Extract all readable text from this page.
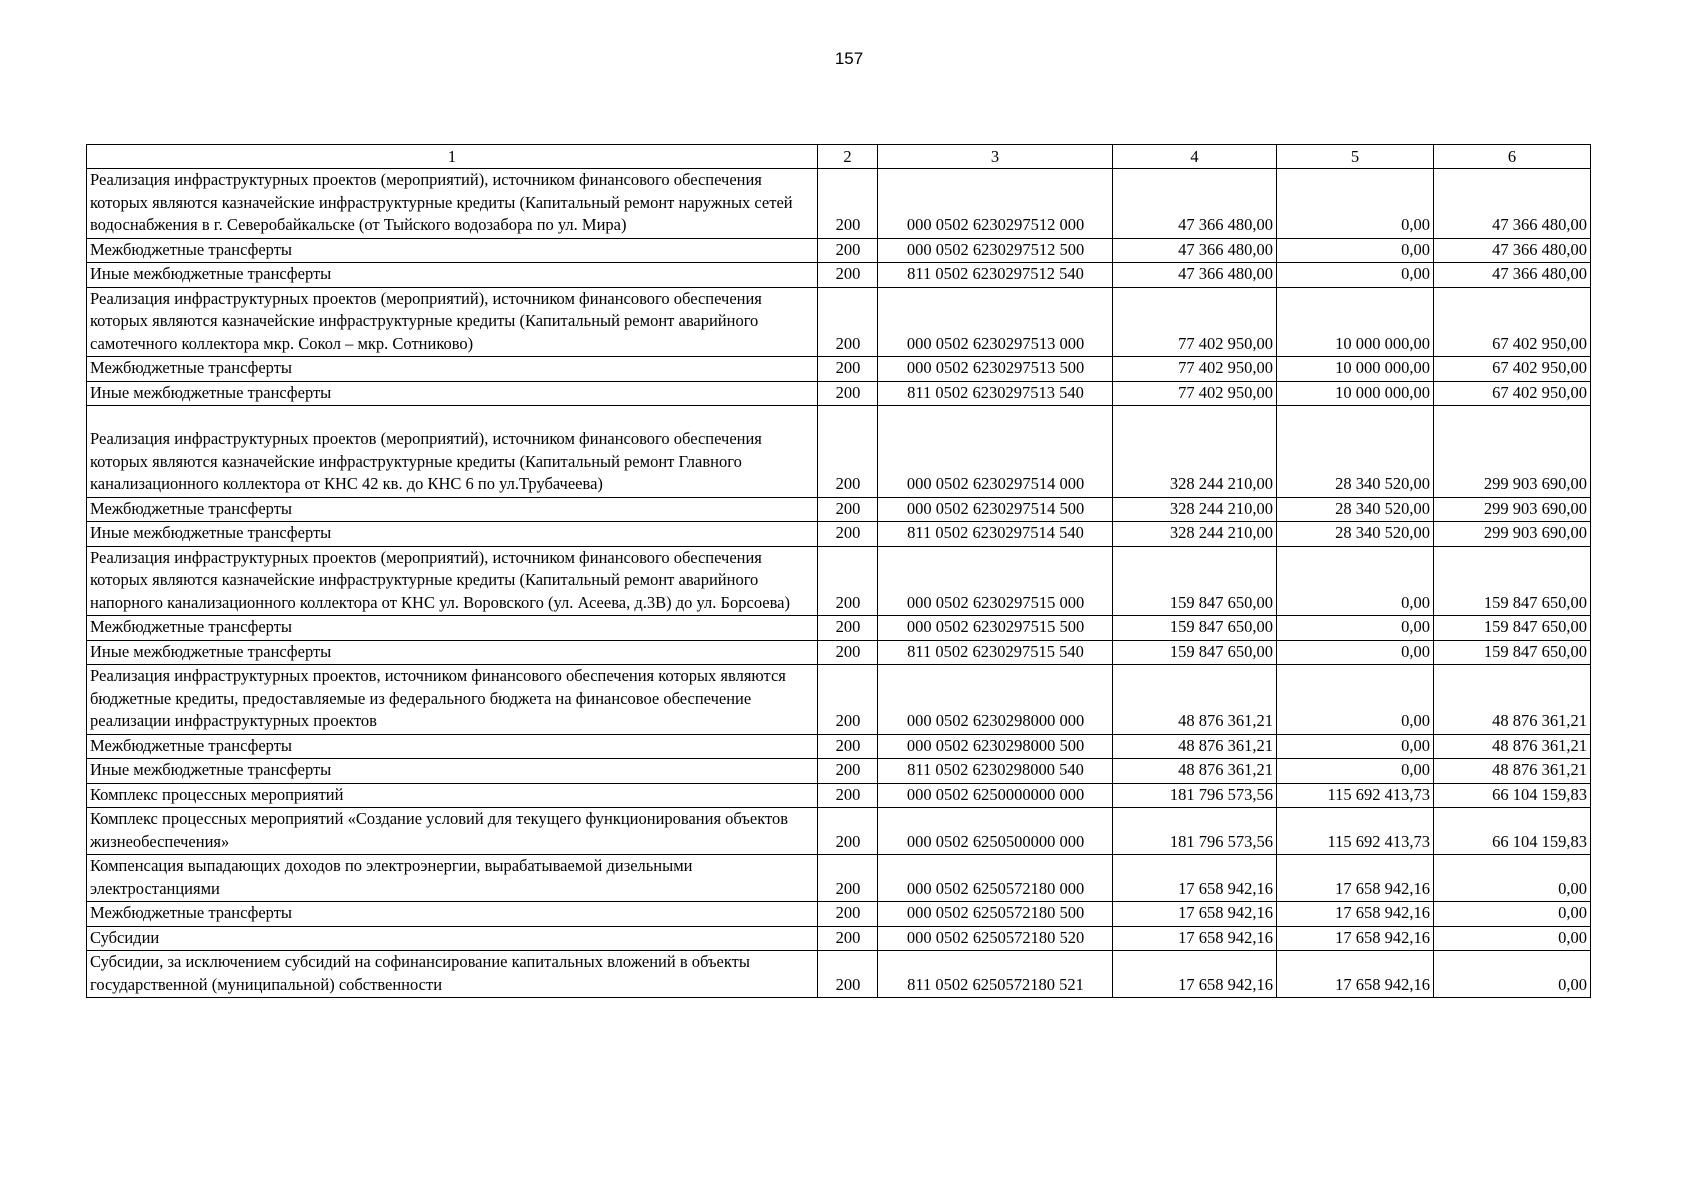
157
1	2	3	4	5	6
Реализация инфраструктурных проектов (мероприятий), источником финансового обеспечения которых являются казначейские инфраструктурные кредиты (Капитальный ремонт наружных сетей водоснабжения в г. Северобайкальске (от Тыйского водозабора по ул. Мира)	200	000 0502 6230297512 000	47 366 480,00	0,00	47 366 480,00
Межбюджетные трансферты	200	000 0502 6230297512 500	47 366 480,00	0,00	47 366 480,00
Иные межбюджетные трансферты	200	811 0502 6230297512 540	47 366 480,00	0,00	47 366 480,00
Реализация инфраструктурных проектов (мероприятий), источником финансового обеспечения которых являются казначейские инфраструктурные кредиты (Капитальный ремонт аварийного самотечного коллектора мкр. Сокол – мкр. Сотниково)	200	000 0502 6230297513 000	77 402 950,00	10 000 000,00	67 402 950,00
Межбюджетные трансферты	200	000 0502 6230297513 500	77 402 950,00	10 000 000,00	67 402 950,00
Иные межбюджетные трансферты	200	811 0502 6230297513 540	77 402 950,00	10 000 000,00	67 402 950,00
Реализация инфраструктурных проектов (мероприятий), источником финансового обеспечения которых являются казначейские инфраструктурные кредиты (Капитальный ремонт Главного канализационного коллектора от КНС 42 кв. до КНС 6 по ул.Трубачеева)	200	000 0502 6230297514 000	328 244 210,00	28 340 520,00	299 903 690,00
Межбюджетные трансферты	200	000 0502 6230297514 500	328 244 210,00	28 340 520,00	299 903 690,00
Иные межбюджетные трансферты	200	811 0502 6230297514 540	328 244 210,00	28 340 520,00	299 903 690,00
Реализация инфраструктурных проектов (мероприятий), источником финансового обеспечения которых являются казначейские инфраструктурные кредиты (Капитальный ремонт аварийного напорного канализационного коллектора от КНС ул. Воровского (ул. Асеева, д.3В) до ул. Борсоева)	200	000 0502 6230297515 000	159 847 650,00	0,00	159 847 650,00
Межбюджетные трансферты	200	000 0502 6230297515 500	159 847 650,00	0,00	159 847 650,00
Иные межбюджетные трансферты	200	811 0502 6230297515 540	159 847 650,00	0,00	159 847 650,00
Реализация инфраструктурных проектов, источником финансового обеспечения которых являются бюджетные кредиты, предоставляемые из федерального бюджета на финансовое обеспечение реализации инфраструктурных проектов	200	000 0502 6230298000 000	48 876 361,21	0,00	48 876 361,21
Межбюджетные трансферты	200	000 0502 6230298000 500	48 876 361,21	0,00	48 876 361,21
Иные межбюджетные трансферты	200	811 0502 6230298000 540	48 876 361,21	0,00	48 876 361,21
Комплекс процессных мероприятий	200	000 0502 6250000000 000	181 796 573,56	115 692 413,73	66 104 159,83
Комплекс процессных мероприятий «Создание условий для текущего функционирования объектов жизнеобеспечения»	200	000 0502 6250500000 000	181 796 573,56	115 692 413,73	66 104 159,83
Компенсация выпадающих доходов по электроэнергии, вырабатываемой дизельными электростанциями	200	000 0502 6250572180 000	17 658 942,16	17 658 942,16	0,00
Межбюджетные трансферты	200	000 0502 6250572180 500	17 658 942,16	17 658 942,16	0,00
Субсидии	200	000 0502 6250572180 520	17 658 942,16	17 658 942,16	0,00
Субсидии, за исключением субсидий на софинансирование капитальных вложений в объекты государственной (муниципальной) собственности	200	811 0502 6250572180 521	17 658 942,16	17 658 942,16	0,00
